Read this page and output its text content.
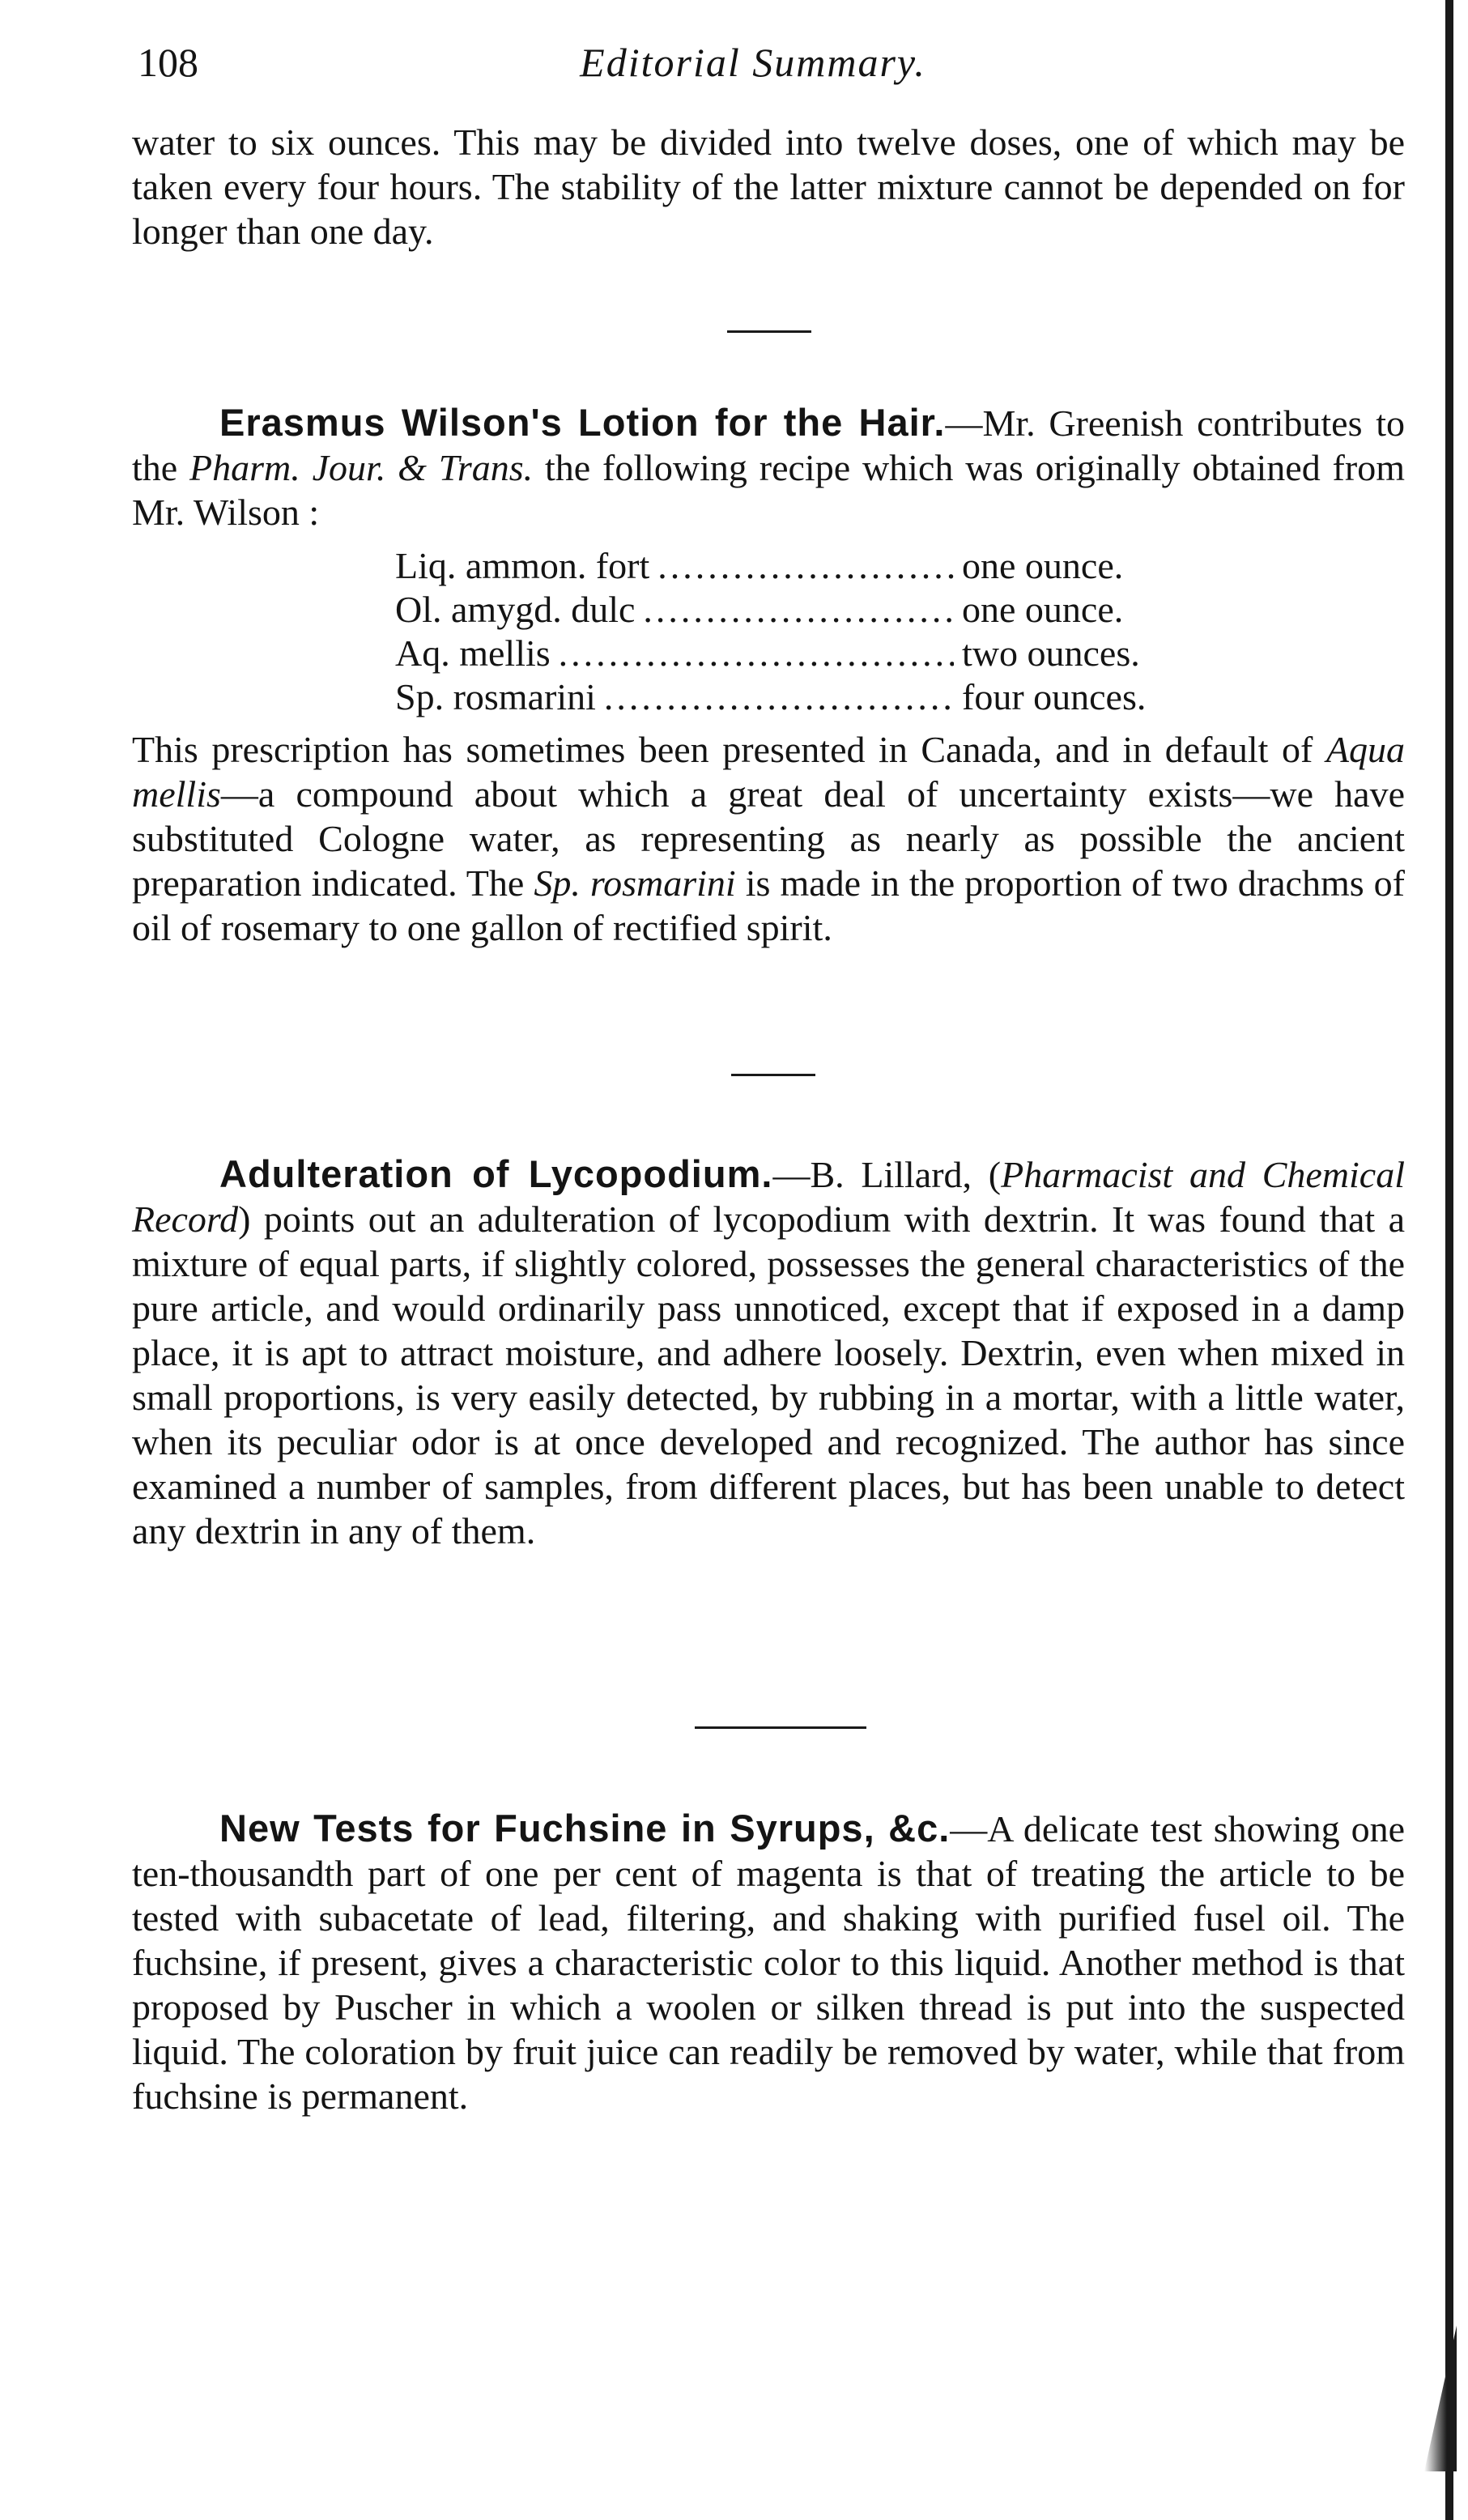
108	Editorial Summary.

water to six ounces. This may be divided into twelve doses, one of which may be taken every four hours. The stability of the latter mixture cannot be depended on for longer than one day.

Erasmus Wilson's Lotion for the Hair.—Mr. Greenish contributes to the Pharm. Jour. & Trans. the following recipe which was originally obtained from Mr. Wilson :

Liq. ammon. fort .....	one ounce.
Ol. amygd. dulc .....	one ounce.
Aq. mellis .....	two ounces.
Sp. rosmarini .....	four ounces.

This prescription has sometimes been presented in Canada, and in default of Aqua mellis—a compound about which a great deal of uncertainty exists—we have substituted Cologne water, as representing as nearly as possible the ancient preparation indicated. The Sp. rosmarini is made in the proportion of two drachms of oil of rosemary to one gallon of rectified spirit.

Adulteration of Lycopodium.—B. Lillard, (Pharmacist and Chemical Record) points out an adulteration of lycopodium with dextrin. It was found that a mixture of equal parts, if slightly colored, possesses the general characteristics of the pure article, and would ordinarily pass unnoticed, except that if exposed in a damp place, it is apt to attract moisture, and adhere loosely. Dextrin, even when mixed in small proportions, is very easily detected, by rubbing in a mortar, with a little water, when its peculiar odor is at once developed and recognized. The author has since examined a number of samples, from different places, but has been unable to detect any dextrin in any of them.

New Tests for Fuchsine in Syrups, &c.—A delicate test showing one ten-thousandth part of one per cent of magenta is that of treating the article to be tested with subacetate of lead, filtering, and shaking with purified fusel oil. The fuchsine, if present, gives a characteristic color to this liquid. Another method is that proposed by Puscher in which a woolen or silken thread is put into the suspected liquid. The coloration by fruit juice can readily be removed by water, while that from fuchsine is permanent.
